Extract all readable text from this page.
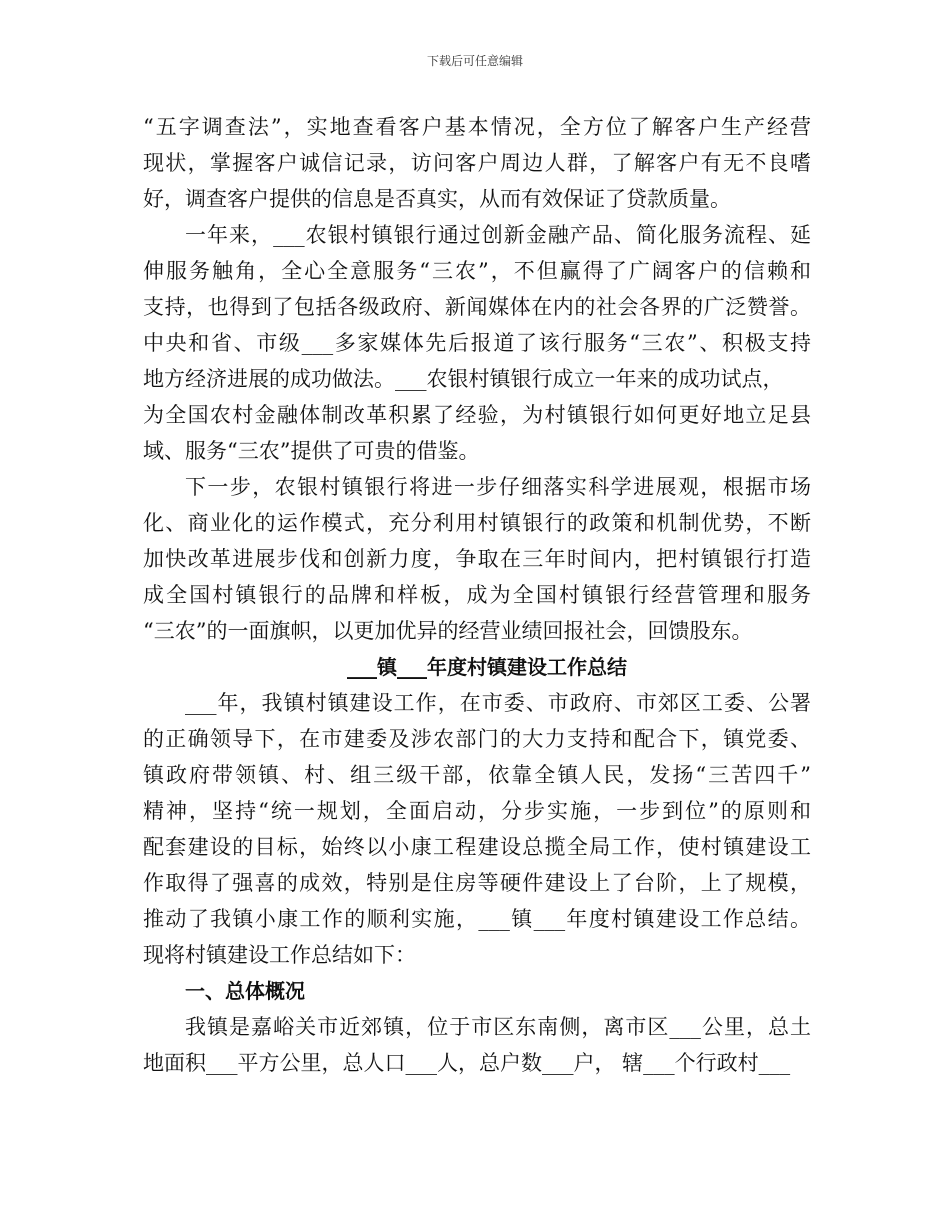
下载后可任意编辑
“五字调查法”，实地查看客户基本情况，全方位了解客户生产经营
现状，掌握客户诚信记录，访问客户周边人群，了解客户有无不良嗜
好，调查客户提供的信息是否真实，从而有效保证了贷款质量。
一年来，___农银村镇银行通过创新金融产品、简化服务流程、延
伸服务触角，全心全意服务“三农”，不但赢得了广阔客户的信赖和
支持，也得到了包括各级政府、新闻媒体在内的社会各界的广泛赞誉。
中央和省、市级___多家媒体先后报道了该行服务“三农”、积极支持
地方经济进展的成功做法。___农银村镇银行成立一年来的成功试点，
为全国农村金融体制改革积累了经验，为村镇银行如何更好地立足县
域、服务“三农”提供了可贵的借鉴。
下一步，农银村镇银行将进一步仔细落实科学进展观，根据市场
化、商业化的运作模式，充分利用村镇银行的政策和机制优势，不断
加快改革进展步伐和创新力度，争取在三年时间内，把村镇银行打造
成全国村镇银行的品牌和样板，成为全国村镇银行经营管理和服务
“三农”的一面旗帜，以更加优异的经营业绩回报社会，回馈股东。
___镇___年度村镇建设工作总结
___年，我镇村镇建设工作，在市委、市政府、市郊区工委、公署
的正确领导下，在市建委及涉农部门的大力支持和配合下，镇党委、
镇政府带领镇、村、组三级干部，依靠全镇人民，发扬“三苦四千”
精神，坚持“统一规划，全面启动，分步实施，一步到位”的原则和
配套建设的目标，始终以小康工程建设总揽全局工作，使村镇建设工
作取得了强喜的成效，特别是住房等硬件建设上了台阶，上了规模，
推动了我镇小康工作的顺利实施，___镇___年度村镇建设工作总结。
现将村镇建设工作总结如下：
一、总体概况
我镇是嘉峪关市近郊镇，位于市区东南侧，离市区___公里，总土
地面积___平方公里，总人口___人，总户数___户， 辖___个行政村___
